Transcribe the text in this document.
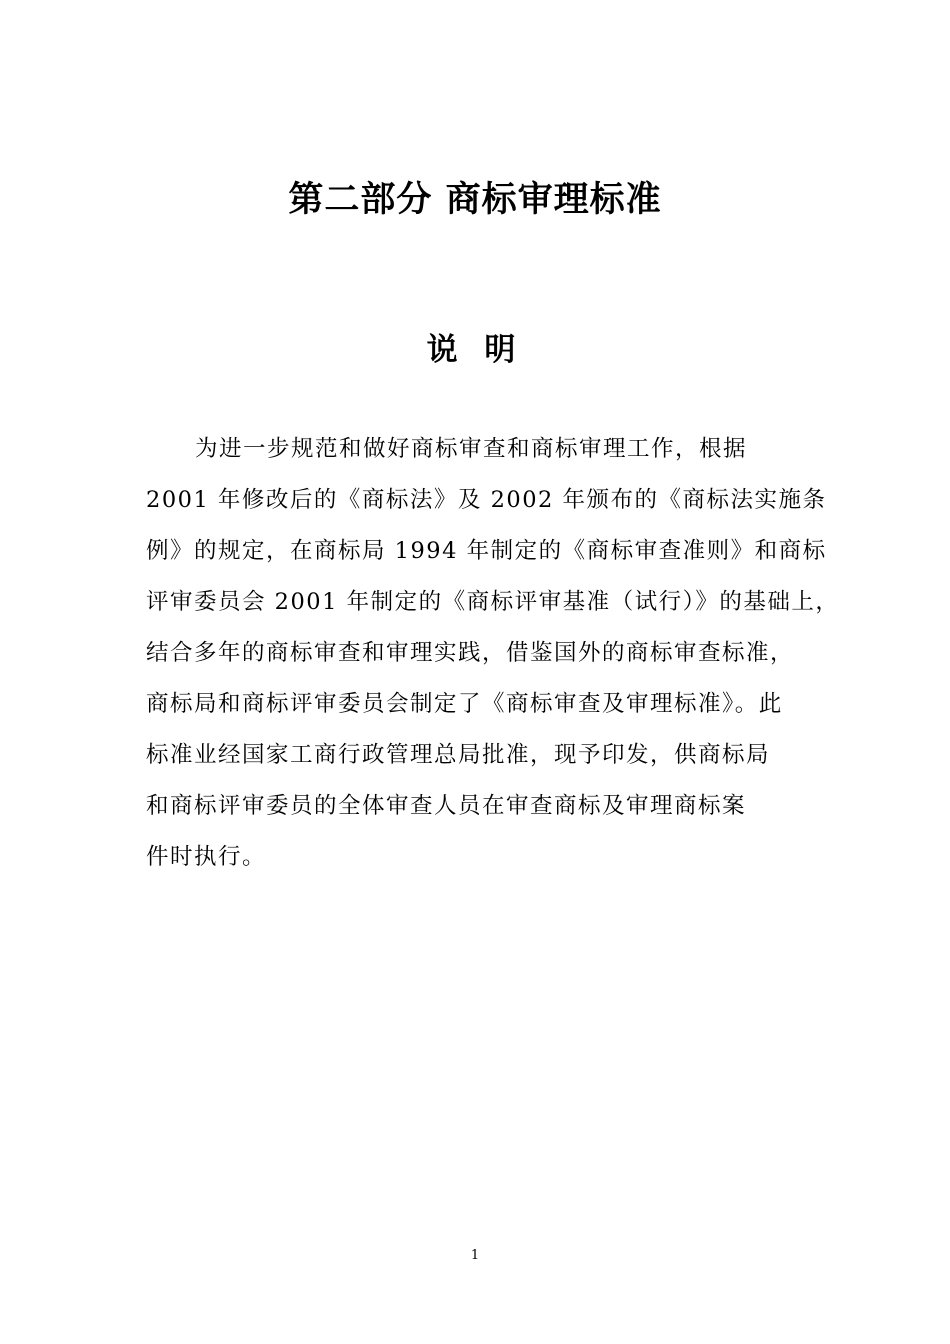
第二部分 商标审理标准
说 明
为进一步规范和做好商标审查和商标审理工作，根据
2001 年修改后的《商标法》及 2002 年颁布的《商标法实施条
例》的规定，在商标局 1994 年制定的《商标审查准则》和商标
评审委员会 2001 年制定的《商标评审基准（试行）》的基础上，
结合多年的商标审查和审理实践，借鉴国外的商标审查标准，
商标局和商标评审委员会制定了《商标审查及审理标准》。此
标准业经国家工商行政管理总局批准，现予印发，供商标局
和商标评审委员的全体审查人员在审查商标及审理商标案
件时执行。
1
